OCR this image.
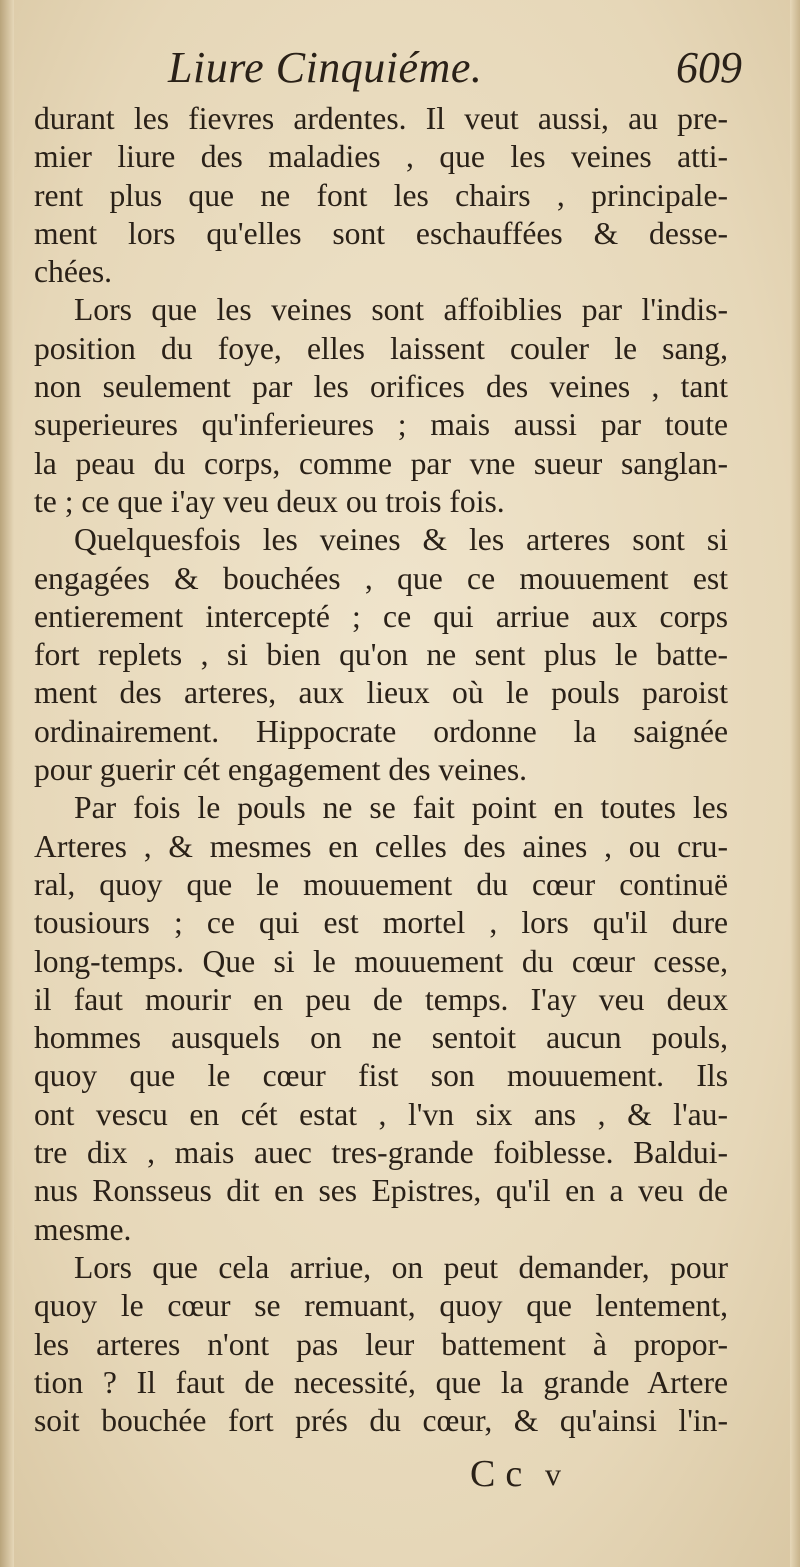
Liure Cinquiéme.	609
durant les fievres ardentes. Il veut aussi, au pre-
mier liure des maladies , que les veines atti-
rent plus que ne font les chairs , principale-
ment lors qu'elles sont eschauffées & desse-
chées.
Lors que les veines sont affoiblies par l'indis-
position du foye, elles laissent couler le sang,
non seulement par les orifices des veines , tant
superieures qu'inferieures ; mais aussi par toute
la peau du corps, comme par vne sueur sanglan-
te ; ce que i'ay veu deux ou trois fois.
Quelquesfois les veines & les arteres sont si
engagées & bouchées , que ce mouuement est
entierement intercepté ; ce qui arriue aux corps
fort replets , si bien qu'on ne sent plus le batte-
ment des arteres, aux lieux où le pouls paroist
ordinairement. Hippocrate ordonne la saignée
pour guerir cét engagement des veines.
Par fois le pouls ne se fait point en toutes les
Arteres , & mesmes en celles des aines , ou cru-
ral, quoy que le mouuement du cœur continuë
tousiours ; ce qui est mortel , lors qu'il dure
long-temps. Que si le mouuement du cœur cesse,
il faut mourir en peu de temps. I'ay veu deux
hommes ausquels on ne sentoit aucun pouls,
quoy que le cœur fist son mouuement. Ils
ont vescu en cét estat , l'vn six ans , & l'au-
tre dix , mais auec tres-grande foiblesse. Baldui-
nus Ronsseus dit en ses Epistres, qu'il en a veu de
mesme.
Lors que cela arriue, on peut demander, pour
quoy le cœur se remuant, quoy que lentement,
les arteres n'ont pas leur battement à propor-
tion ? Il faut de necessité, que la grande Artere
soit bouchée fort prés du cœur, & qu'ainsi l'in-
Cc v
